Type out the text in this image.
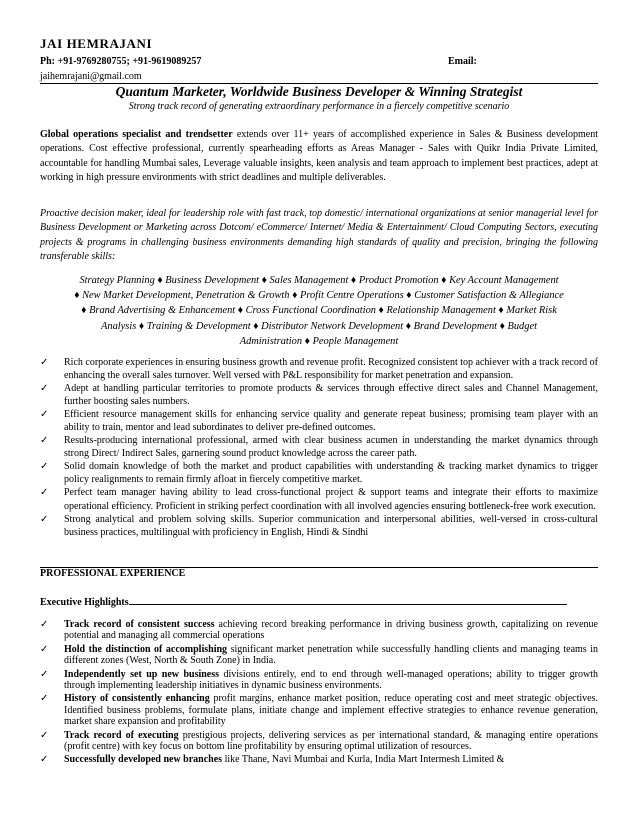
JAI HEMRAJANI
Ph: +91-9769280755; +91-9619089257	Email:
jaihemrajani@gmail.com
Quantum Marketer, Worldwide Business Developer & Winning Strategist
Strong track record of generating extraordinary performance in a fiercely competitive scenario
Global operations specialist and trendsetter extends over 11+ years of accomplished experience in Sales & Business development operations. Cost effective professional, currently spearheading efforts as Areas Manager - Sales with Quikr India Private Limited, accountable for handling Mumbai sales, Leverage valuable insights, keen analysis and team approach to implement best practices, adept at working in high pressure environments with strict deadlines and multiple deliverables.
Proactive decision maker, ideal for leadership role with fast track, top domestic/ international organizations at senior managerial level for Business Development or Marketing across Dotcom/ eCommerce/ Internet/ Media & Entertainment/ Cloud Computing Sectors, executing projects & programs in challenging business environments demanding high standards of quality and precision, bringing the following transferable skills:
Strategy Planning ♦ Business Development ♦ Sales Management ♦ Product Promotion ♦ Key Account Management
♦ New Market Development, Penetration & Growth ♦ Profit Centre Operations ♦ Customer Satisfaction & Allegiance
♦ Brand Advertising & Enhancement ♦ Cross Functional Coordination ♦ Relationship Management ♦ Market Risk
Analysis ♦ Training & Development ♦ Distributor Network Development ♦ Brand Development ♦ Budget
Administration ♦ People Management
✓ Rich corporate experiences in ensuring business growth and revenue profit. Recognized consistent top achiever with a track record of enhancing the overall sales turnover. Well versed with P&L responsibility for market penetration and expansion.
✓ Adept at handling particular territories to promote products & services through effective direct sales and Channel Management, further boosting sales numbers.
✓ Efficient resource management skills for enhancing service quality and generate repeat business; promising team player with an ability to train, mentor and lead subordinates to deliver pre-defined outcomes.
✓ Results-producing international professional, armed with clear business acumen in understanding the market dynamics through strong Direct/ Indirect Sales, garnering sound product knowledge across the career path.
✓ Solid domain knowledge of both the market and product capabilities with understanding & tracking market dynamics to trigger policy realignments to remain firmly afloat in fiercely competitive market.
✓ Perfect team manager having ability to lead cross-functional project & support teams and integrate their efforts to maximize operational efficiency. Proficient in striking perfect coordination with all involved agencies ensuring bottleneck-free work execution.
✓ Strong analytical and problem solving skills. Superior communication and interpersonal abilities, well-versed in cross-cultural business practices, multilingual with proficiency in English, Hindi & Sindhi
PROFESSIONAL EXPERIENCE
Executive Highlights
✓ Track record of consistent success achieving record breaking performance in driving business growth, capitalizing on revenue potential and managing all commercial operations
✓ Hold the distinction of accomplishing significant market penetration while successfully handling clients and managing teams in different zones (West, North & South Zone) in India.
✓ Independently set up new business divisions entirely, end to end through well-managed operations; ability to trigger growth through implementing leadership initiatives in dynamic business environments.
✓ History of consistently enhancing profit margins, enhance market position, reduce operating cost and meet strategic objectives. Identified business problems, formulate plans, initiate change and implement effective strategies to enhance revenue generation, market share expansion and profitability
✓ Track record of executing prestigious projects, delivering services as per international standard, & managing entire operations (profit centre) with key focus on bottom line profitability by ensuring optimal utilization of resources.
✓ Successfully developed new branches like Thane, Navi Mumbai and Kurla, India Mart Intermesh Limited &
